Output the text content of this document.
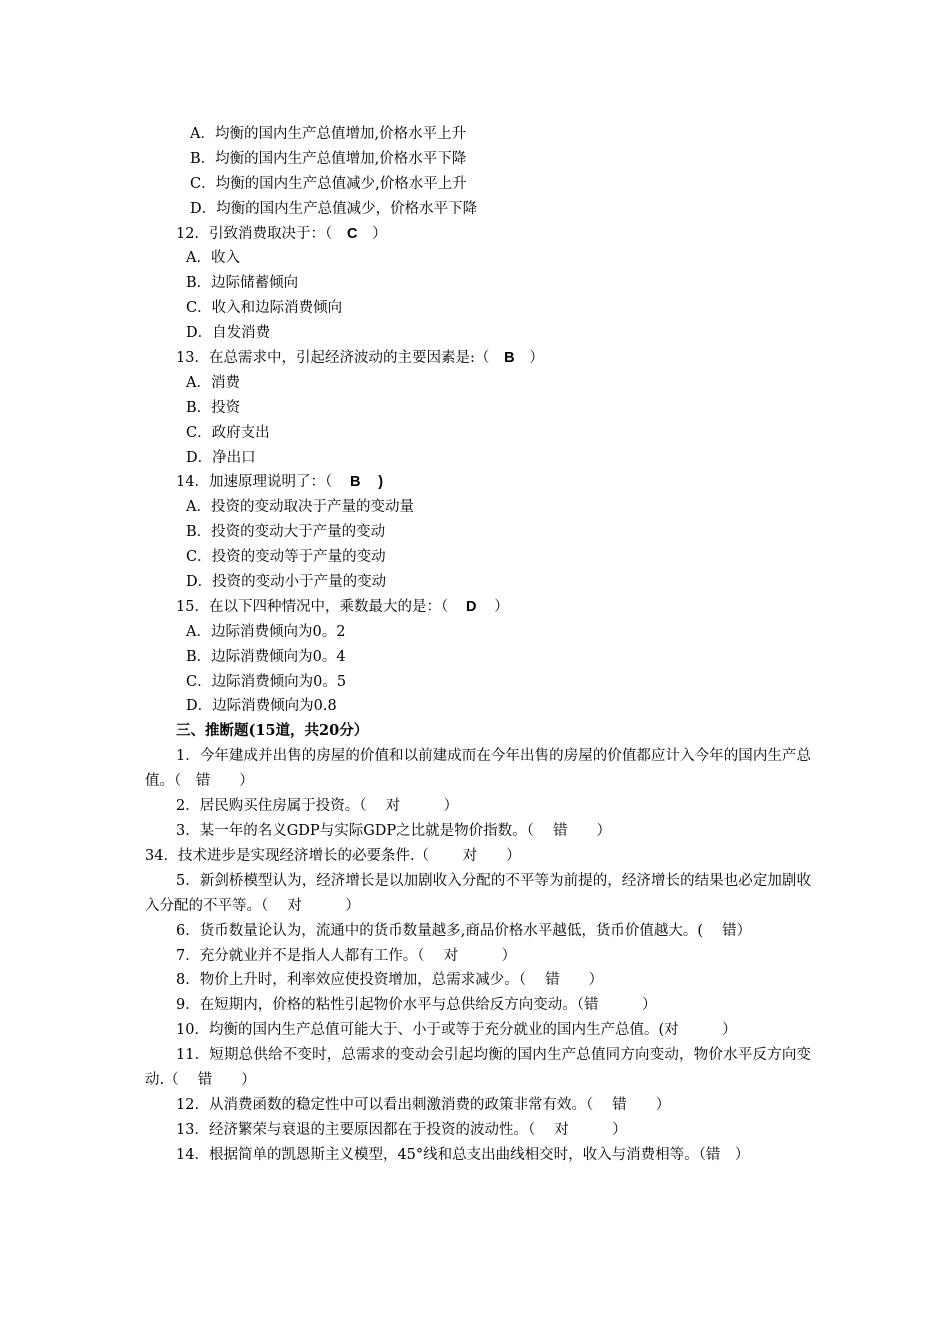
A．均衡的国内生产总值增加,价格水平上升
B．均衡的国内生产总值增加,价格水平下降
C．均衡的国内生产总值减少,价格水平上升
D．均衡的国内生产总值减少，价格水平下降
12．引致消费取决于：（ C ）
A．收入
B．边际储蓄倾向
C．收入和边际消费倾向
D．自发消费
13．在总需求中，引起经济波动的主要因素是:（ B ）
A．消费
B．投资
C．政府支出
D．净出口
14．加速原理说明了：（ B )
A．投资的变动取决于产量的变动量
B．投资的变动大于产量的变动
C．投资的变动等于产量的变动
D．投资的变动小于产量的变动
15．在以下四种情况中，乘数最大的是：（ D ）
A．边际消费倾向为0。2
B．边际消费倾向为0。4
C．边际消费倾向为0。5
D．边际消费倾向为0.8
三、推断题(15道，共20分）
1．今年建成并出售的房屋的价值和以前建成而在今年出售的房屋的价值都应计入今年的国内生产总值。（　错　　）
2．居民购买住房属于投资。（　 对　　　）
3．某一年的名义GDP与实际GDP之比就是物价指数。（　 错　　）
34．技术进步是实现经济增长的必要条件.（　　 对　　）
5．新剑桥模型认为，经济增长是以加剧收入分配的不平等为前提的，经济增长的结果也必定加剧收入分配的不平等。（　 对　　　）
6．货币数量论认为，流通中的货币数量越多,商品价格水平越低，货币价值越大。(　 错）
7．充分就业并不是指人人都有工作。（　 对　　　）
8．物价上升时，利率效应使投资增加，总需求减少。（　 错　　）
9．在短期内，价格的粘性引起物价水平与总供给反方向变动。（错　　　）
10．均衡的国内生产总值可能大于、小于或等于充分就业的国内生产总值。(对　　　）
11．短期总供给不变时，总需求的变动会引起均衡的国内生产总值同方向变动，物价水平反方向变动.（　 错　　）
12．从消费函数的稳定性中可以看出刺激消费的政策非常有效。（　 错　　）
13．经济繁荣与衰退的主要原因都在于投资的波动性。（　 对　　　）
14．根据简单的凯恩斯主义模型，45°线和总支出曲线相交时，收入与消费相等。（错　）
